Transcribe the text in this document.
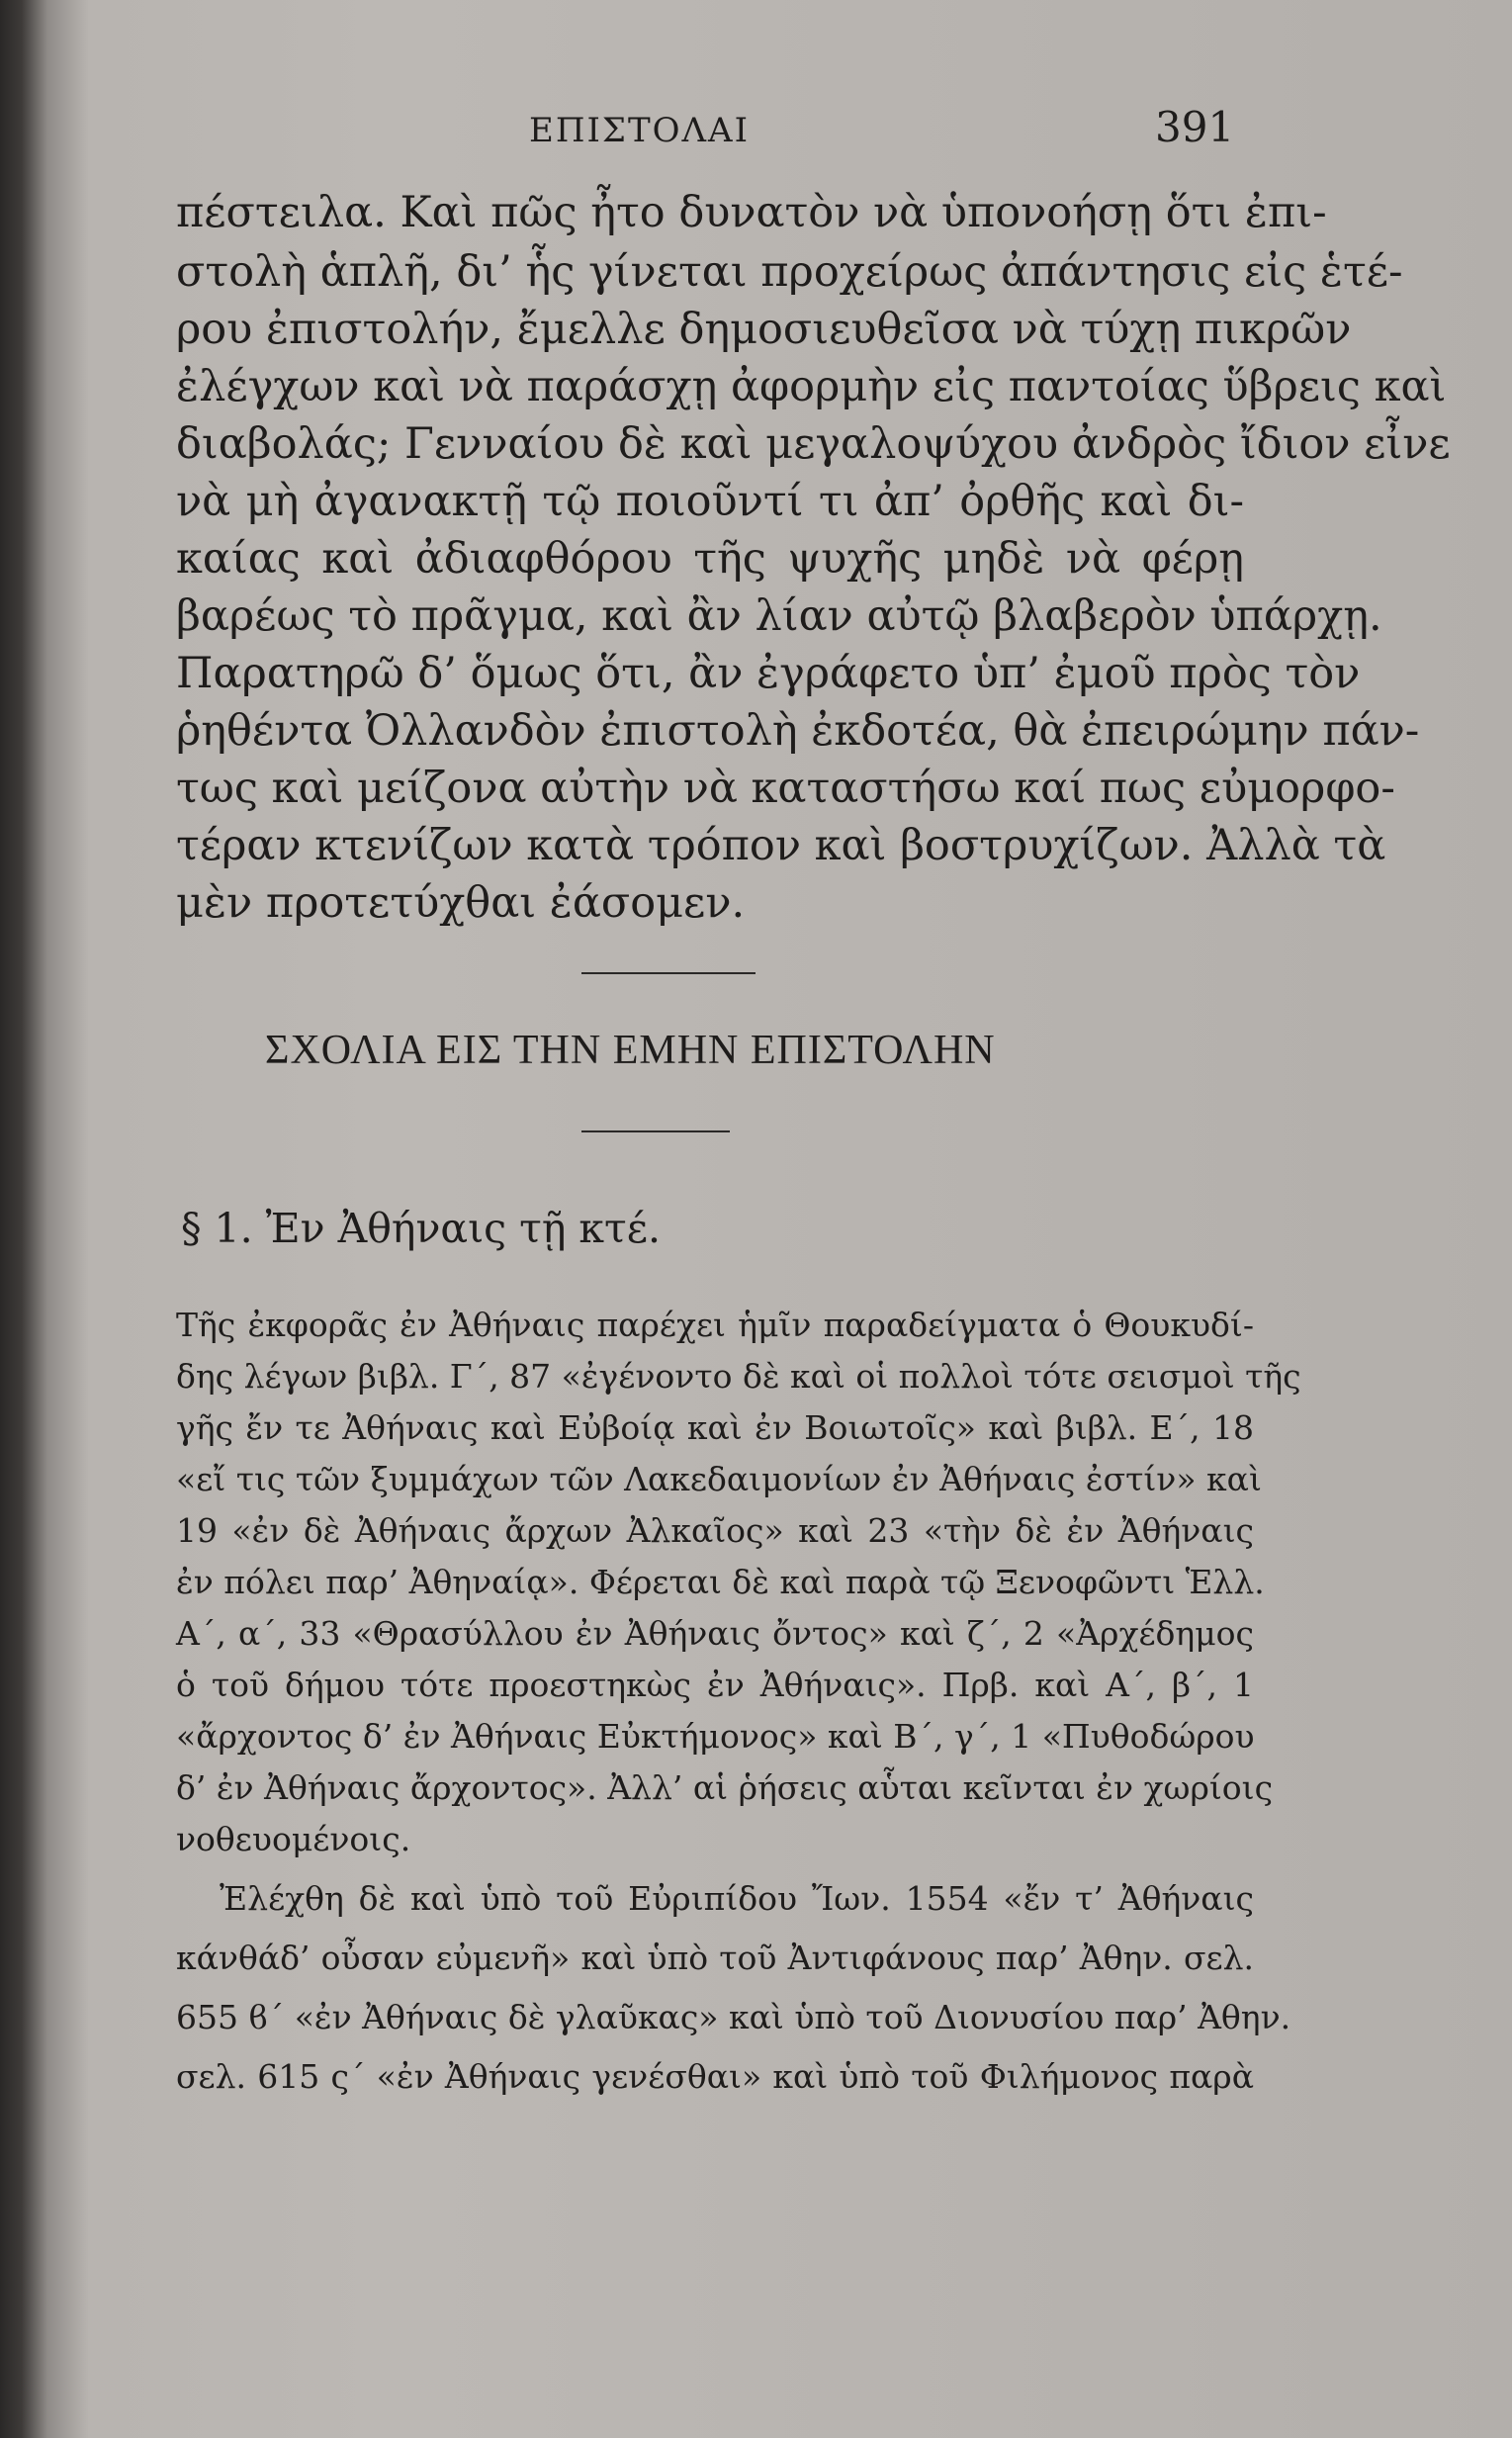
ΕΠΙΣΤΟΛΑΙ	391
πέστειλα. Καὶ πῶς ἦτο δυνατὸν νὰ ὑπονοήσῃ ὅτι ἐπι-
στολὴ ἁπλῆ, δι’ ἧς γίνεται προχείρως ἀπάντησις εἰς ἑτέ-
ρου ἐπιστολήν, ἔμελλε δημοσιευθεῖσα νὰ τύχῃ πικρῶν
ἐλέγχων καὶ νὰ παράσχῃ ἀφορμὴν εἰς παντοίας ὕβρεις καὶ
διαβολάς; Γενναίου δὲ καὶ μεγαλοψύχου ἀνδρὸς ἴδιον εἶνε
νὰ μὴ ἀγανακτῇ τῷ ποιοῦντί τι ἀπ’ ὀρθῆς καὶ δι-
καίας καὶ ἀδιαφθόρου τῆς ψυχῆς μηδὲ νὰ φέρῃ
βαρέως τὸ πρᾶγμα, καὶ ἂν λίαν αὐτῷ βλαβερὸν ὑπάρχῃ.
Παρατηρῶ δ’ ὅμως ὅτι, ἂν ἐγράφετο ὑπ’ ἐμοῦ πρὸς τὸν
ῥηθέντα Ὀλλανδὸν ἐπιστολὴ ἐκδοτέα, θὰ ἐπειρώμην πάν-
τως καὶ μείζονα αὐτὴν νὰ καταστήσω καί πως εὐμορφο-
τέραν κτενίζων κατὰ τρόπον καὶ βοστρυχίζων. Ἀλλὰ τὰ
μὲν προτετύχθαι ἐάσομεν.
ΣΧΟΛΙΑ ΕΙΣ ΤΗΝ ΕΜΗΝ ΕΠΙΣΤΟΛΗΝ
§ 1. Ἐν Ἀθήναις τῇ κτέ.
Τῆς ἐκφορᾶς ἐν Ἀθήναις παρέχει ἡμῖν παραδείγματα ὁ Θουκυδί-
δης λέγων βιβλ. Γ΄, 87 «ἐγένοντο δὲ καὶ οἱ πολλοὶ τότε σεισμοὶ τῆς
γῆς ἔν τε Ἀθήναις καὶ Εὐβοίᾳ καὶ ἐν Βοιωτοῖς» καὶ βιβλ. Ε΄, 18
«εἴ τις τῶν ξυμμάχων τῶν Λακεδαιμονίων ἐν Ἀθήναις ἐστίν» καὶ
19 «ἐν δὲ Ἀθήναις ἄρχων Ἀλκαῖος» καὶ 23 «τὴν δὲ ἐν Ἀθήναις
ἐν πόλει παρ’ Ἀθηναίᾳ». Φέρεται δὲ καὶ παρὰ τῷ Ξενοφῶντι Ἑλλ.
Α΄, α΄, 33 «Θρασύλλου ἐν Ἀθήναις ὄντος» καὶ ζ΄, 2 «Ἀρχέδημος
ὁ τοῦ δήμου τότε προεστηκὼς ἐν Ἀθήναις». Πρβ. καὶ Α΄, β΄, 1
«ἄρχοντος δ’ ἐν Ἀθήναις Εὐκτήμονος» καὶ Β΄, γ΄, 1 «Πυθοδώρου
δ’ ἐν Ἀθήναις ἄρχοντος». Ἀλλ’ αἱ ῥήσεις αὗται κεῖνται ἐν χωρίοις
νοθευομένοις.
Ἐλέχθη δὲ καὶ ὑπὸ τοῦ Εὐριπίδου Ἴων. 1554 «ἔν τ’ Ἀθήναις
κάνθάδ’ οὖσαν εὐμενῆ» καὶ ὑπὸ τοῦ Ἀντιφάνους παρ’ Ἀθην. σελ.
655 ϐ΄ «ἐν Ἀθήναις δὲ γλαῦκας» καὶ ὑπὸ τοῦ Διονυσίου παρ’ Ἀθην.
σελ. 615 ς΄ «ἐν Ἀθήναις γενέσθαι» καὶ ὑπὸ τοῦ Φιλήμονος παρὰ
